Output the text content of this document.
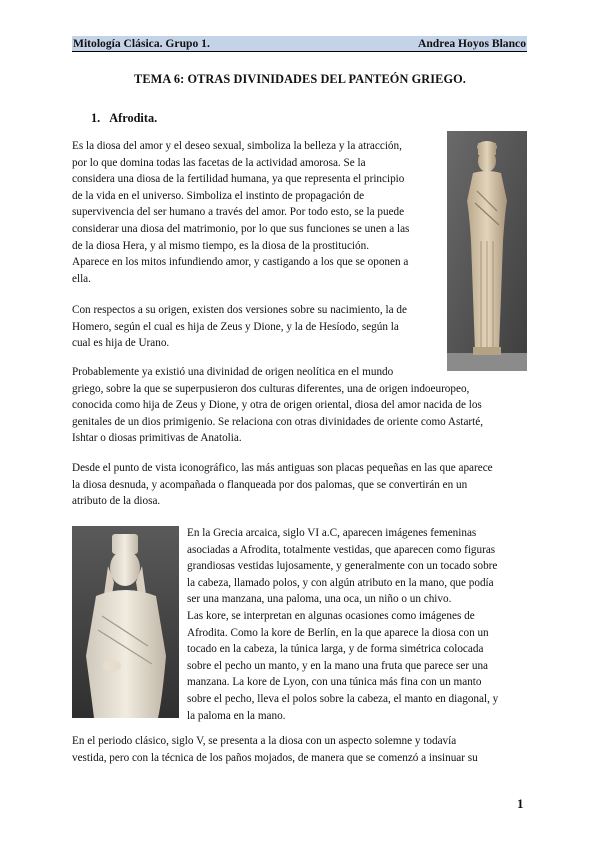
Mitología Clásica. Grupo 1.	Andrea Hoyos Blanco
TEMA 6: OTRAS DIVINIDADES DEL PANTEÓN GRIEGO.
1. Afrodita.

Es la diosa del amor y el deseo sexual, simboliza la belleza y la atracción,
por lo que domina todas las facetas de la actividad amorosa. Se la
considera una diosa de la fertilidad humana, ya que representa el principio
de la vida en el universo. Simboliza el instinto de propagación de
supervivencia del ser humano a través del amor. Por todo esto, se la puede
considerar una diosa del matrimonio, por lo que sus funciones se unen a las
de la diosa Hera, y al mismo tiempo, es la diosa de la prostitución.
Aparece en los mitos infundiendo amor, y castigando a los que se oponen a
ella.

Con respectos a su origen, existen dos versiones sobre su nacimiento, la de
Homero, según el cual es hija de Zeus y Dione, y la de Hesíodo, según la
cual es hija de Urano.

Probablemente ya existió una divinidad de origen neolítica en el mundo
griego, sobre la que se superpusieron dos culturas diferentes, una de origen indoeuropeo,
conocida como hija de Zeus y Dione, y otra de origen oriental, diosa del amor nacida de los
genitales de un dios primigenio. Se relaciona con otras divinidades de oriente como Astarté,
Ishtar o diosas primitivas de Anatolia.

Desde el punto de vista iconográfico, las más antiguas son placas pequeñas en las que aparece
la diosa desnuda, y acompañada o flanqueada por dos palomas, que se convertirán en un
atributo de la diosa.

En la Grecia arcaica, siglo VI a.C, aparecen imágenes femeninas
asociadas a Afrodita, totalmente vestidas, que aparecen como figuras
grandiosas vestidas lujosamente, y generalmente con un tocado sobre
la cabeza, llamado polos, y con algún atributo en la mano, que podía
ser una manzana, una paloma, una oca, un niño o un chivo.
Las kore, se interpretan en algunas ocasiones como imágenes de
Afrodita. Como la kore de Berlín, en la que aparece la diosa con un
tocado en la cabeza, la túnica larga, y de forma simétrica colocada
sobre el pecho un manto, y en la mano una fruta que parece ser una
manzana. La kore de Lyon, con una túnica más fina con un manto
sobre el pecho, lleva el polos sobre la cabeza, el manto en diagonal, y
la paloma en la mano.

En el periodo clásico, siglo V, se presenta a la diosa con un aspecto solemne y todavía
vestida, pero con la técnica de los paños mojados, de manera que se comenzó a insinuar su

1
